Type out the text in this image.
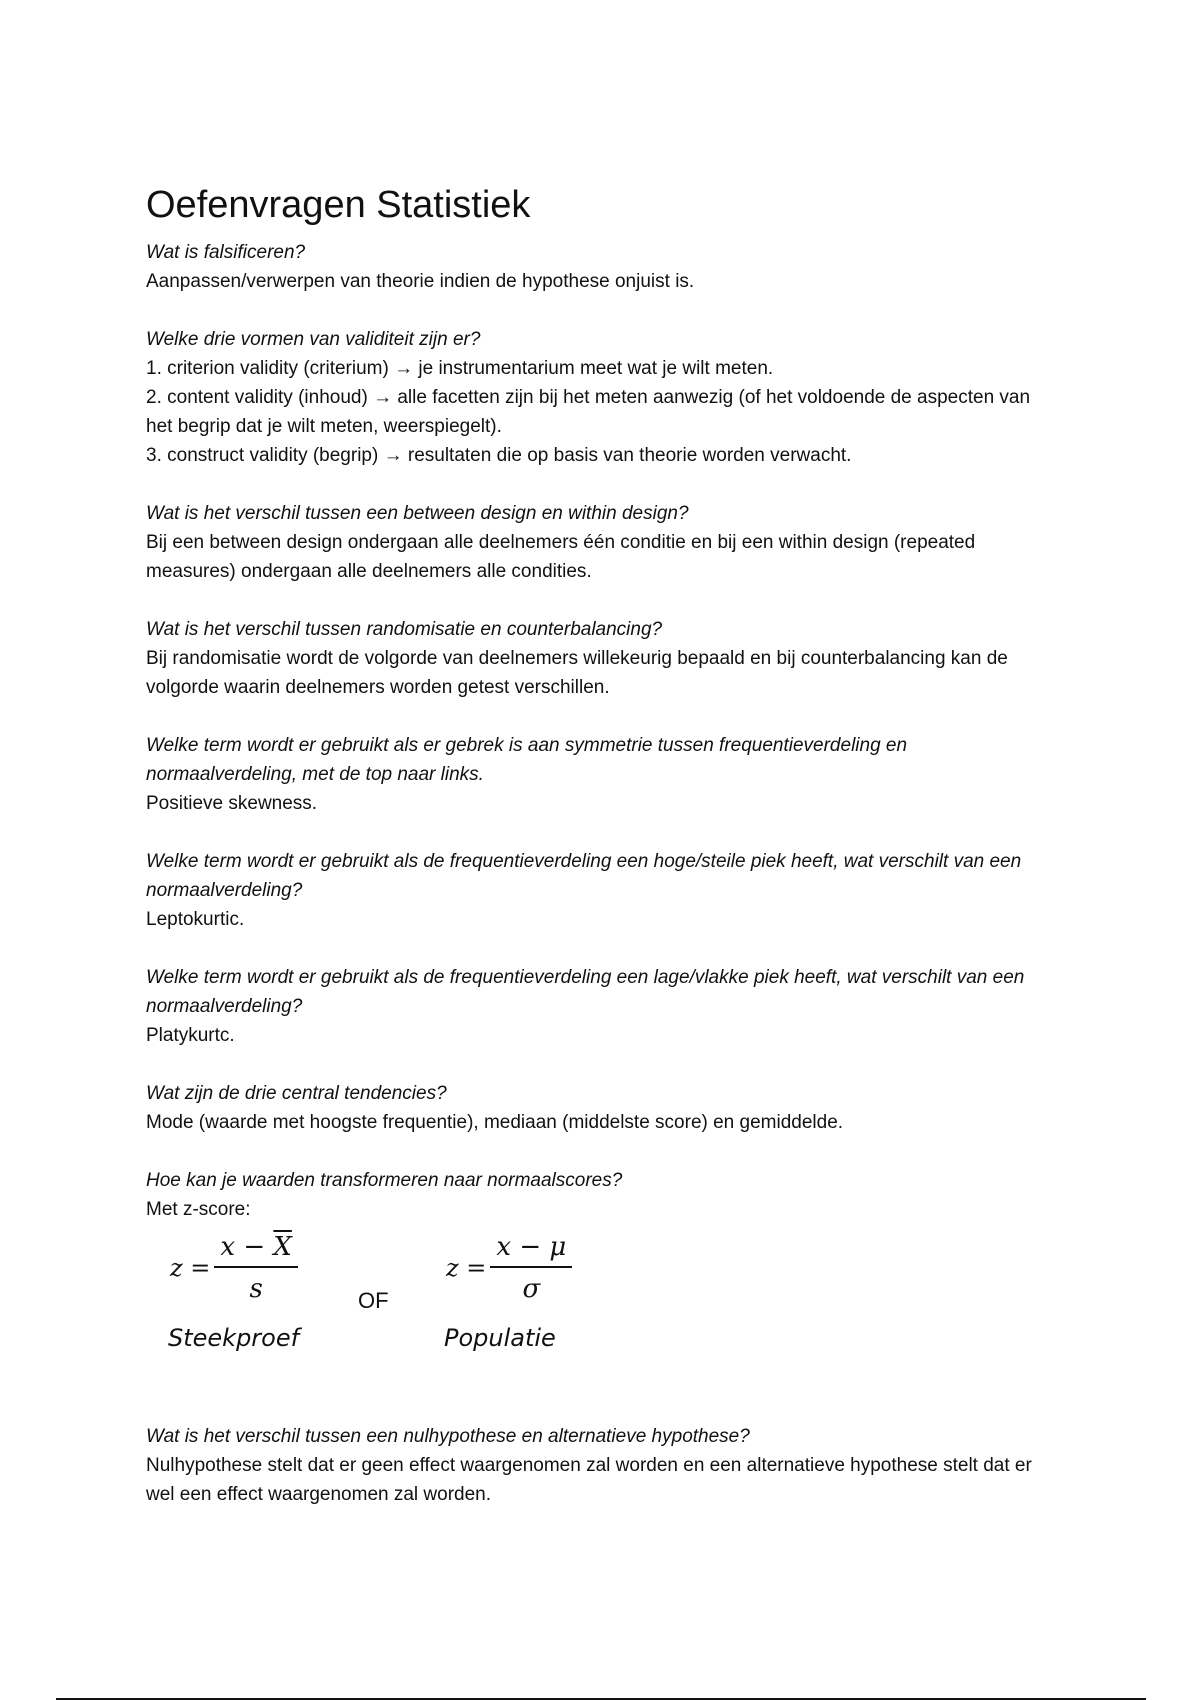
Oefenvragen Statistiek

Wat is falsificeren?

Aanpassen/verwerpen van theorie indien de hypothese onjuist is.

Welke drie vormen van validiteit zijn er?

1. criterion validity (criterium) → je instrumentarium meet wat je wilt meten.

2. content validity (inhoud) → alle facetten zijn bij het meten aanwezig (of het voldoende de aspecten van het begrip dat je wilt meten, weerspiegelt).

3. construct validity (begrip) → resultaten die op basis van theorie worden verwacht.

Wat is het verschil tussen een between design en within design?

Bij een between design ondergaan alle deelnemers één conditie en bij een within design (repeated measures) ondergaan alle deelnemers alle condities.

Wat is het verschil tussen randomisatie en counterbalancing?

Bij randomisatie wordt de volgorde van deelnemers willekeurig bepaald en bij counterbalancing kan de volgorde waarin deelnemers worden getest verschillen.

Welke term wordt er gebruikt als er gebrek is aan symmetrie tussen frequentieverdeling en normaalverdeling, met de top naar links.

Positieve skewness.

Welke term wordt er gebruikt als de frequentieverdeling een hoge/steile piek heeft, wat verschilt van een normaalverdeling?

Leptokurtic.

Welke term wordt er gebruikt als de frequentieverdeling een lage/vlakke piek heeft, wat verschilt van een normaalverdeling?

Platykurtc.

Wat zijn de drie central tendencies?

Mode (waarde met hoogste frequentie), mediaan (middelste score) en gemiddelde.

Hoe kan je waarden transformeren naar normaalscores?

Met z-score:

$z = \frac{x - \overline{X}}{s}$	OF
$z = \frac{x - \mu}{\sigma}$
Steekproef	Populatie

Wat is het verschil tussen een nulhypothese en alternatieve hypothese?

Nulhypothese stelt dat er geen effect waargenomen zal worden en een alternatieve hypothese stelt dat er wel een effect waargenomen zal worden.
